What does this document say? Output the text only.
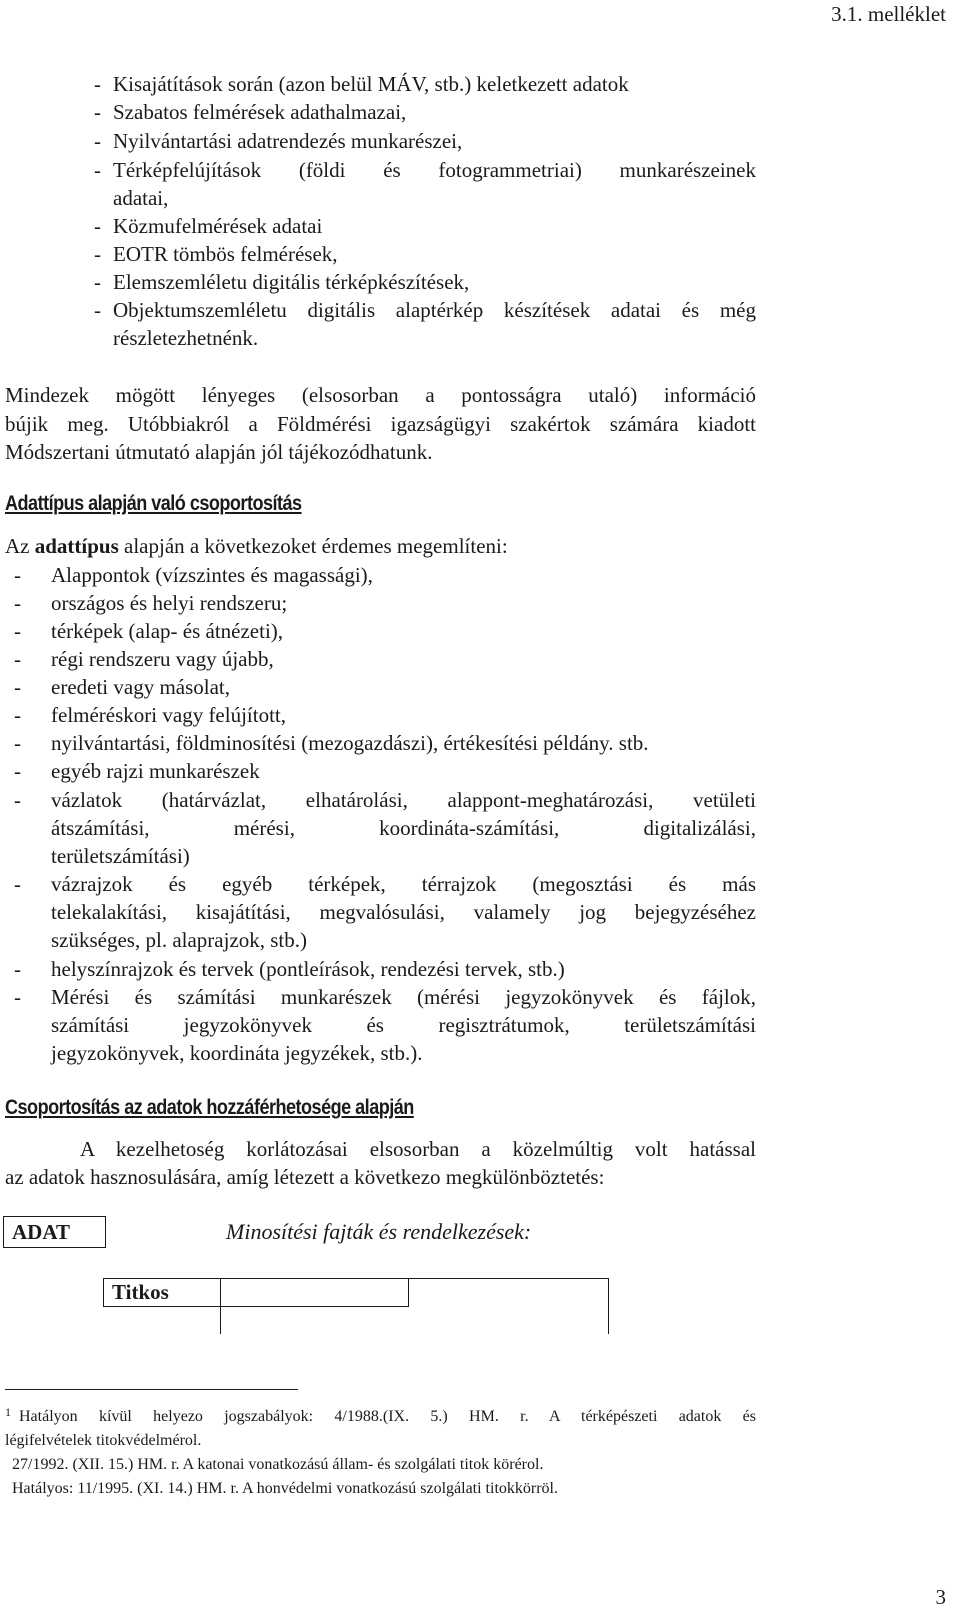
3.1. melléklet
- Kisajátítások során (azon belül MÁV, stb.) keletkezett adatok
- Szabatos felmérések adathalmazai,
- Nyilvántartási adatrendezés munkarészei,
- Térképfelújítások (földi és fotogrammetriai) munkarészeinek
adatai,
- Közmufelmérések adatai
- EOTR tömbös felmérések,
- Elemszemléletu digitális térképkészítések,
- Objektumszemléletu digitális alaptérkép készítések adatai és még
részletezhetnénk.
Mindezek mögött lényeges (elsosorban a pontosságra utaló) információ
bújik meg. Utóbbiakról a Földmérési igazságügyi szakértok számára kiadott
Módszertani útmutató alapján jól tájékozódhatunk.
Adattípus alapján való csoportosítás
Az adattípus alapján a következoket érdemes megemlíteni:
- Alappontok (vízszintes és magassági),
- országos és helyi rendszeru;
- térképek (alap- és átnézeti),
- régi rendszeru vagy újabb,
- eredeti vagy másolat,
- felméréskori vagy felújított,
- nyilvántartási, földminosítési (mezogazdászi), értékesítési példány. stb.
- egyéb rajzi munkarészek
- vázlatok (határvázlat, elhatárolási, alappont-meghatározási, vetületi
átszámítási, mérési, koordináta-számítási, digitalizálási,
területszámítási)
- vázrajzok és egyéb térképek, térrajzok (megosztási és más
telekalakítási, kisajátítási, megvalósulási, valamely jog bejegyzéséhez
szükséges, pl. alaprajzok, stb.)
- helyszínrajzok és tervek (pontleírások, rendezési tervek, stb.)
- Mérési és számítási munkarészek (mérési jegyzokönyvek és fájlok,
számítási jegyzokönyvek és regisztrátumok, területszámítási
jegyzokönyvek, koordináta jegyzékek, stb.).
Csoportosítás az adatok hozzáférhetosége alapján
A kezelhetoség korlátozásai elsosorban a közelmúltig volt hatással
az adatok hasznosulására, amíg létezett a következo megkülönböztetés:
ADAT	Minosítési fajták és rendelkezések:
Titkos
$^1$ Hatályon kívül helyezo jogszabályok: 4/1988.(IX. 5.) HM. r. A térképészeti adatok és
légifelvételek titokvédelmérol.
27/1992. (XII. 15.) HM. r. A katonai vonatkozású állam- és szolgálati titok körérol.
Hatályos: 11/1995. (XI. 14.) HM. r. A honvédelmi vonatkozású szolgálati titokkörröl.
3
